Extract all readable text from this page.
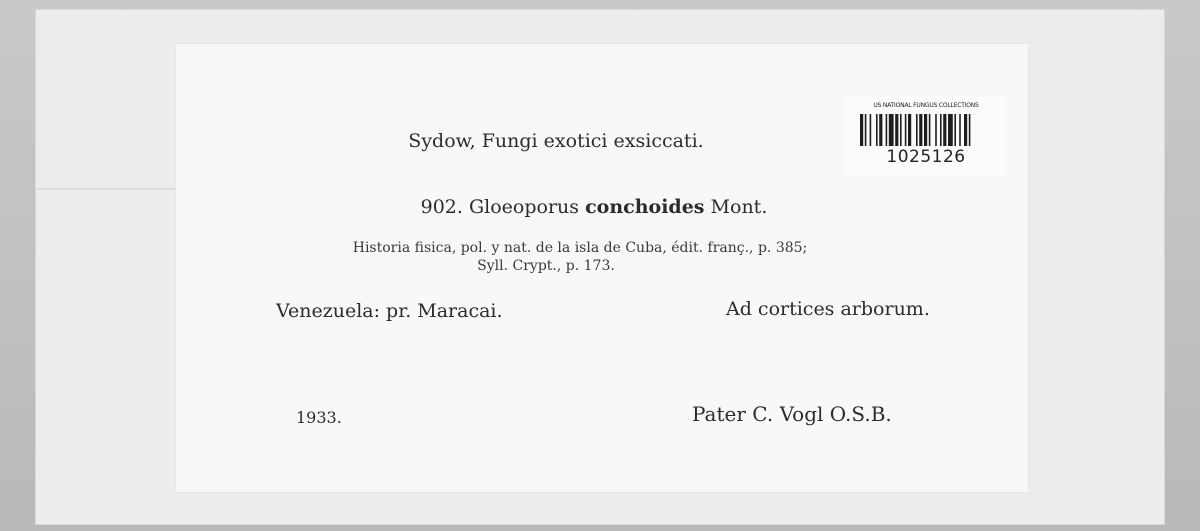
Sydow, Fungi exotici exsiccati.
902. Gloeoporus conchoides Mont.
Historia fisica, pol. y nat. de la isla de Cuba, édit. franç., p. 385;
Syll. Crypt., p. 173.
Venezuela: pr. Maracai.	Ad cortices arborum.
1933.	Pater C. Vogl O.S.B.
US NATIONAL FUNGUS COLLECTIONS
1025126
